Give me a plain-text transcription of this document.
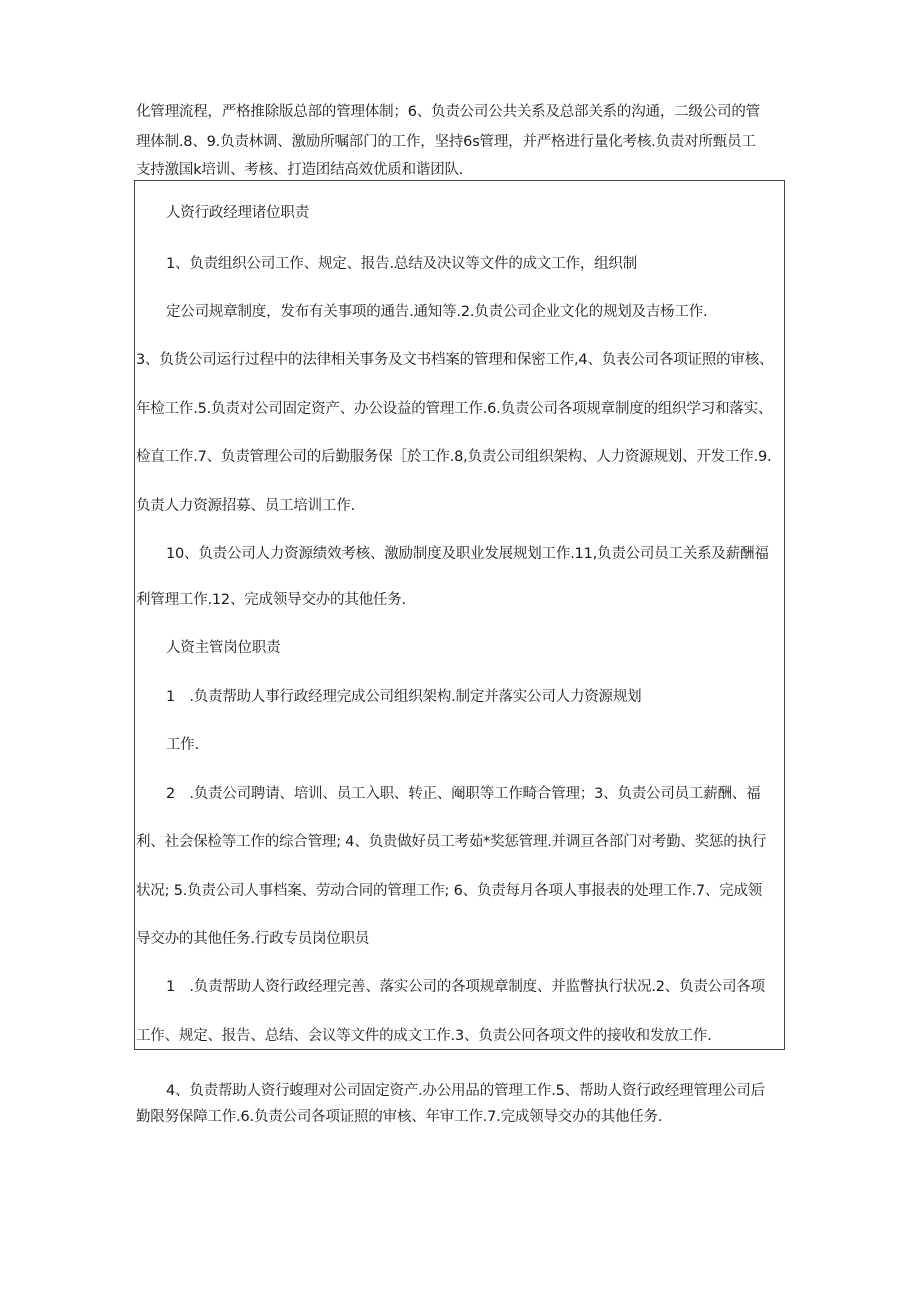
化管理流程，严格推除版总部的管理体制；6、负责公司公共关系及总部关系的沟通，二级公司的管
理体制.8、9.负责林调、激励所嘱部门的工作，坚持6s管理，并严格进行量化考核.负责对所甄员工
支持激国k培训、考核、打造团结高效优质和谐团队.
人资行政经理诸位职责
1、负责组织公司工作、规定、报告.总结及决议等文件的成文工作，组织制
定公司规章制度，发布有关事项的通告.通知等.2.负责公司企业文化的规划及吉杨工作.
3、负货公司运行过程中的法律相关事务及文书档案的管理和保密工作,4、负表公司各项证照的审核、
年检工作.5.负责对公司固定资产、办公设益的管理工作.6.负责公司各项规章制度的组织学习和落实、
检直工作.7、负责管理公司的后勤服务保［於工作.8,负责公司组织架构、人力资源规划、开发工作.9.
负责人力资源招募、员工培训工作.
10、负责公司人力资源绩效考核、激励制度及职业发展规划工作.11,负责公司员工关系及薪酬福
利管理工作.12、完成领导交办的其他任务.
人资主管岗位职责
1　.负责帮助人事行政经理完成公司组织架构.制定并落实公司人力资源规划
工作.
2　.负责公司聘请、培训、员工入职、转正、阉职等工作畸合管理；3、负责公司员工薪酬、福
利、社会保检等工作的综合管理; 4、负贵做好员工考茹*奖惩管理.并调亘各部门对考勤、奖惩的执行
状况; 5.负责公司人事档案、劳动合同的管理工作; 6、负责每月各项人事报表的处理工作.7、完成领
导交办的其他任务.行政专员岗位职员
1　.负责帮助人资行政经理完善、落实公司的各项规章制度、并监瞥执行状况.2、负责公司各项
工作、规定、报告、总结、会议等文件的成文工作.3、负责公冋各项文件的接收和发放工作.
4、负责帮助人资行蝮理对公司固定资产.办公用品的管理工作.5、帮助人资行政经理管理公司后
勤限努保障工作.6.负责公司各项证照的审核、年审工作.7.完成领导交办的其他任务.
